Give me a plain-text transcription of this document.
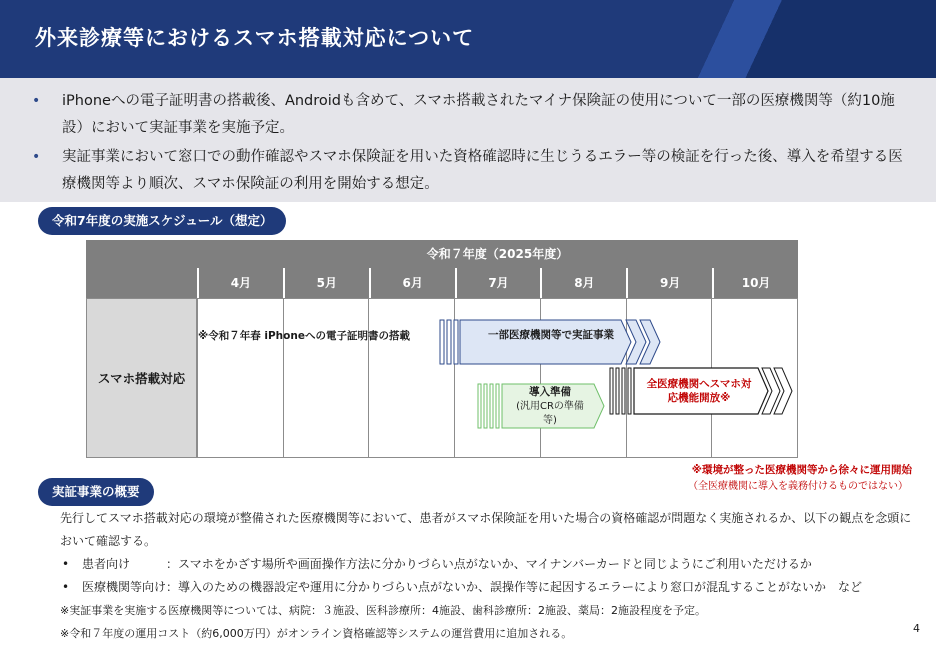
外来診療等におけるスマホ搭載対応について
• iPhoneへの電子証明書の搭載後、Androidも含めて、スマホ搭載されたマイナ保険証の使用について一部の医療機関等（約10施設）において実証事業を実施予定。
• 実証事業において窓口での動作確認やスマホ保険証を用いた資格確認時に生じうるエラー等の検証を行った後、導入を希望する医療機関等より順次、スマホ保険証の利用を開始する想定。
令和7年度の実施スケジュール（想定）
令和７年度（2025年度）
4月	5月	6月	7月	8月	9月	10月
スマホ搭載対応
※令和７年春 iPhoneへの電子証明書の搭載	一部医療機関等で実証事業
導入準備
(汎用CRの準備等)
全医療機関へスマホ対応機能開放※
※環境が整った医療機関等から徐々に運用開始
（全医療機関に導入を義務付けるものではない）
実証事業の概要

先行してスマホ搭載対応の環境が整備された医療機関等において、患者がスマホ保険証を用いた場合の資格確認が問題なく実施されるか、以下の観点を念頭において確認する。

• 患者向け　　　：スマホをかざす場所や画面操作方法に分かりづらい点がないか、マイナンバーカードと同じようにご利用いただけるか

• 医療機関等向け：導入のための機器設定や運用に分かりづらい点がないか、誤操作等に起因するエラーにより窓口が混乱することがないか　など

※実証事業を実施する医療機関等については、病院：３施設、医科診療所：4施設、歯科診療所：2施設、薬局：2施設程度を予定。

※令和７年度の運用コスト（約6,000万円）がオンライン資格確認等システムの運営費用に追加される。	4
